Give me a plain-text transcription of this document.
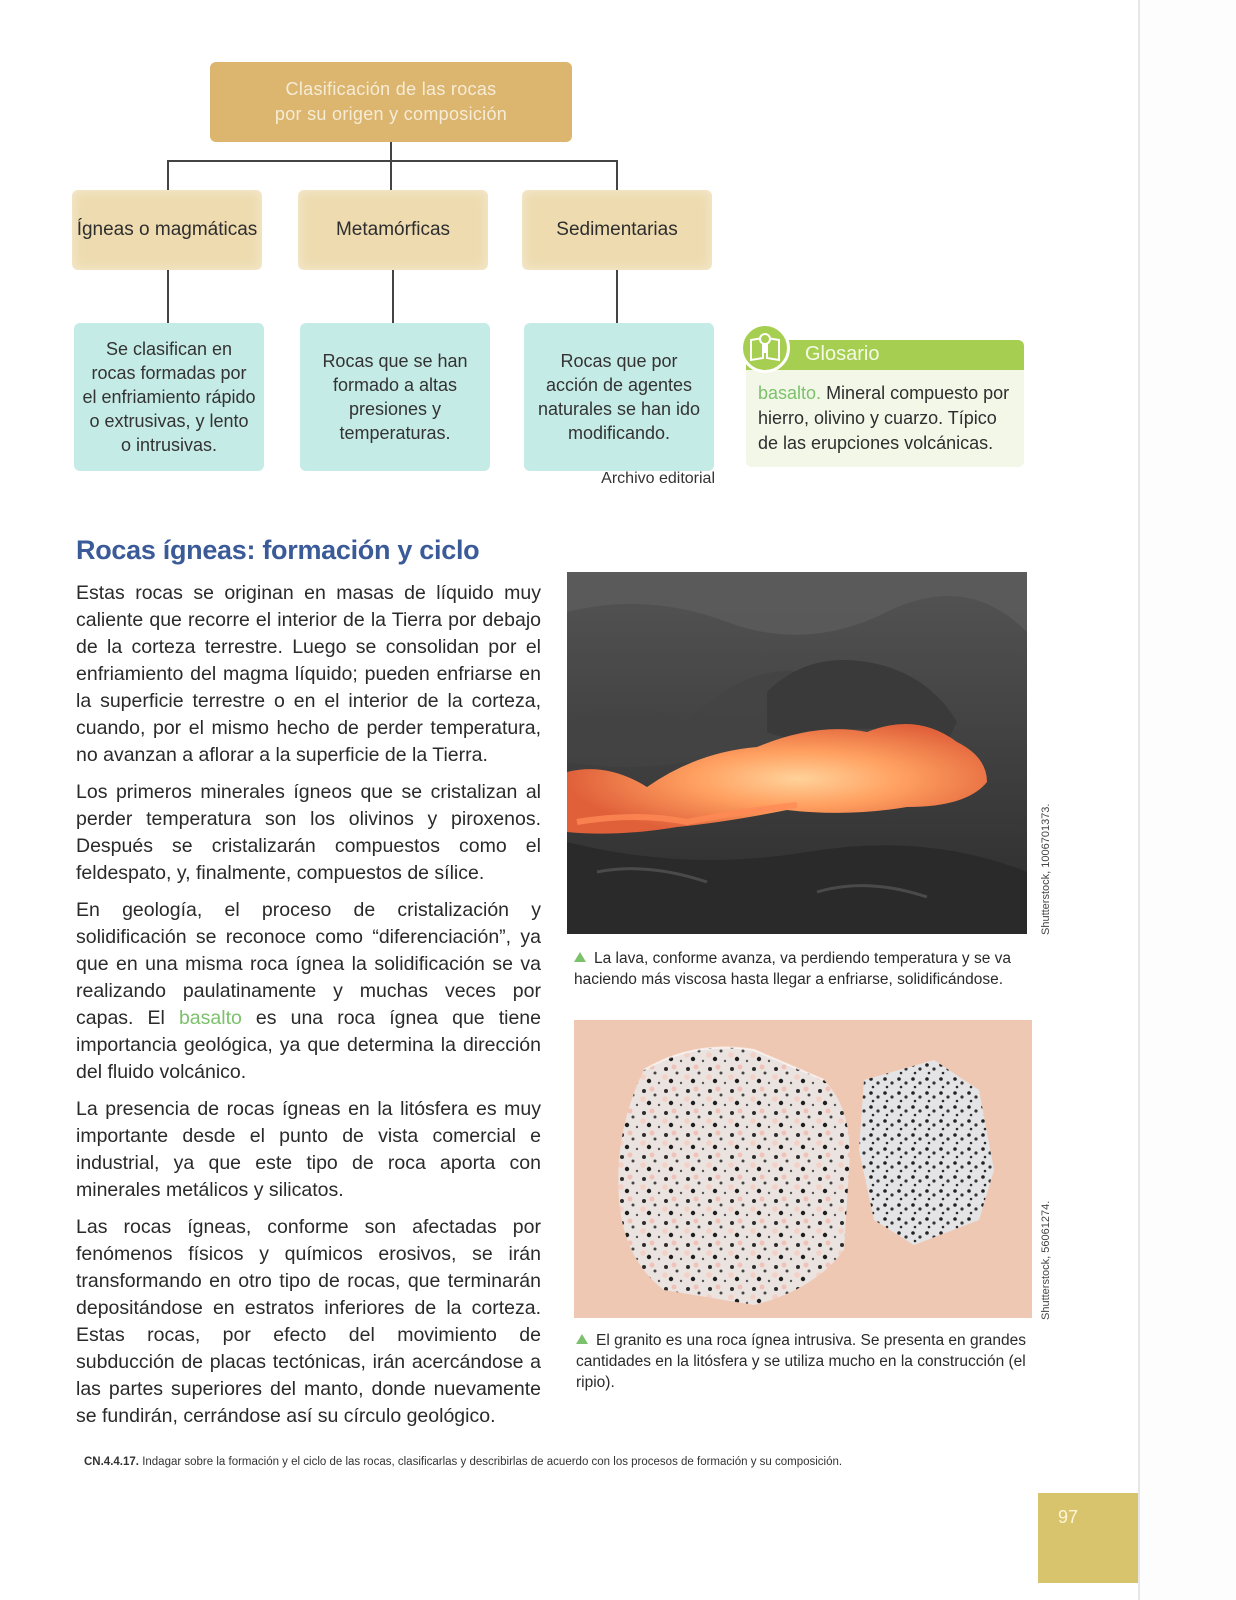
Clasificación de las rocas
por su origen y composición
Ígneas o magmáticas	Metamórficas	Sedimentarias
Se clasifican en rocas formadas por el enfriamiento rápido o extrusivas, y lento o intrusivas.
Rocas que se han formado a altas presiones y temperaturas.
Rocas que por acción de agentes naturales se han ido modificando.
Archivo editorial
Glosario
basalto. Mineral compuesto por hierro, olivino y cuarzo. Típico de las erupciones volcánicas.
Rocas ígneas: formación y ciclo

Estas rocas se originan en masas de líquido muy caliente que recorre el interior de la Tierra por debajo de la corteza terrestre. Luego se consolidan por el enfriamiento del magma líquido; pueden enfriarse en la superficie terrestre o en el interior de la corteza, cuando, por el mismo hecho de perder temperatura, no avanzan a aflorar a la superficie de la Tierra.

Los primeros minerales ígneos que se cristalizan al perder temperatura son los olivinos y piroxenos. Después se cristalizarán compuestos como el feldespato, y, finalmente, compuestos de sílice.

En geología, el proceso de cristalización y solidificación se reconoce como “diferenciación”, ya que en una misma roca ígnea la solidificación se va realizando paulatinamente y muchas veces por capas. El basalto es una roca ígnea que tiene importancia geológica, ya que determina la dirección del fluido volcánico.

La presencia de rocas ígneas en la litósfera es muy importante desde el punto de vista comercial e industrial, ya que este tipo de roca aporta con minerales metálicos y silicatos.

Las rocas ígneas, conforme son afectadas por fenómenos físicos y químicos erosivos, se irán transformando en otro tipo de rocas, que terminarán depositándose en estratos inferiores de la corteza. Estas rocas, por efecto del movimiento de subducción de placas tectónicas, irán acercándose a las partes superiores del manto, donde nuevamente se fundirán, cerrándose así su círculo geológico.

Shutterstock, 1006701373.
La lava, conforme avanza, va perdiendo temperatura y se va haciendo más viscosa hasta llegar a enfriarse, solidificándose.
Shutterstock, 56061274.
El granito es una roca ígnea intrusiva. Se presenta en grandes cantidades en la litósfera y se utiliza mucho en la construcción (el ripio).
CN.4.4.17. Indagar sobre la formación y el ciclo de las rocas, clasificarlas y describirlas de acuerdo con los procesos de formación y su composición.
97
